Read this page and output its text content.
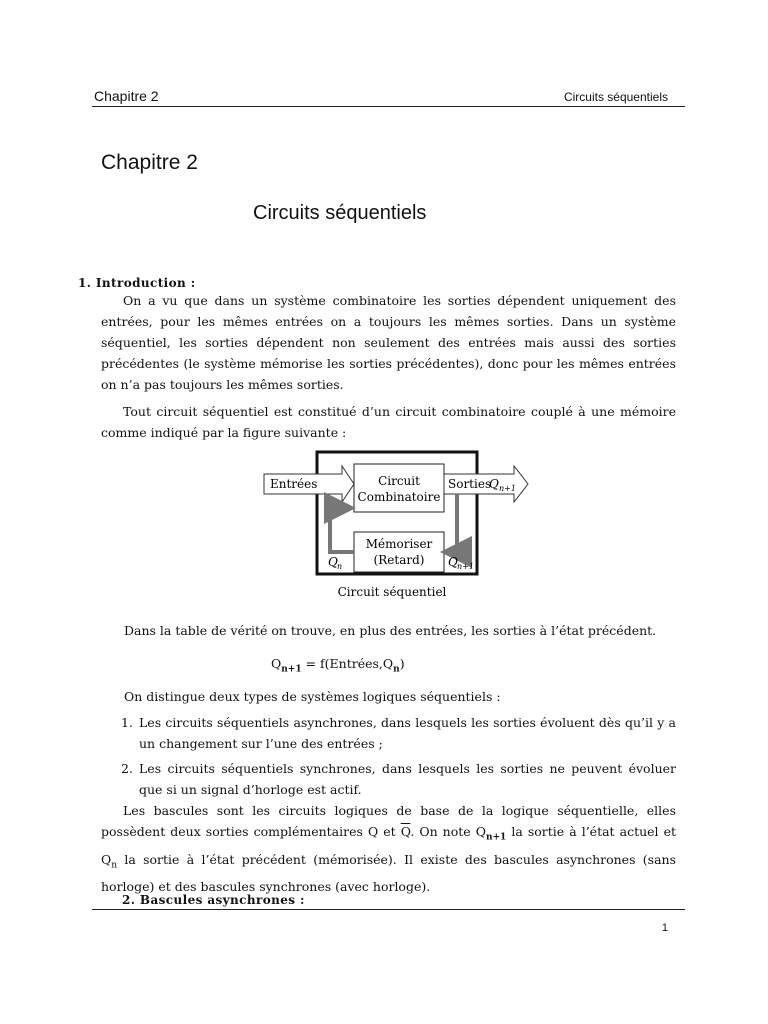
Chapitre 2	Circuits séquentiels
Chapitre 2
Circuits séquentiels
1. Introduction :

On a vu que dans un système combinatoire les sorties dépendent uniquement des entrées, pour les mêmes entrées on a toujours les mêmes sorties. Dans un système séquentiel, les sorties dépendent non seulement des entrées mais aussi des sorties précédentes (le système mémorise les sorties précédentes), donc pour les mêmes entrées on n’a pas toujours les mêmes sorties.

Tout circuit séquentiel est constitué d’un circuit combinatoire couplé à une mémoire comme indiqué par la figure suivante :

Entrées	Circuit
Combinatoire
Sorties
Q n+1
Mémoriser
(Retard)
Q n	Q n+1
Circuit séquentiel
Dans la table de vérité on trouve, en plus des entrées, les sorties à l’état précédent.
$Q_{n+1}$ = $f(Entrées,Q_n)$
On distingue deux types de systèmes logiques séquentiels :
1. Les circuits séquentiels asynchrones, dans lesquels les sorties évoluent dès qu’il y a un changement sur l’une des entrées ;
2. Les circuits séquentiels synchrones, dans lesquels les sorties ne peuvent évoluer que si un signal d’horloge est actif.
Les bascules sont les circuits logiques de base de la logique séquentielle, elles possèdent deux sorties complémentaires Q et $\overline{Q}$. On note $Q_{n+1}$ la sortie à l’état actuel et $Q_n$ la sortie à l’état précédent (mémorisée). Il existe des bascules asynchrones (sans horloge) et des bascules synchrones (avec horloge).
2. Bascules asynchrones :
1
